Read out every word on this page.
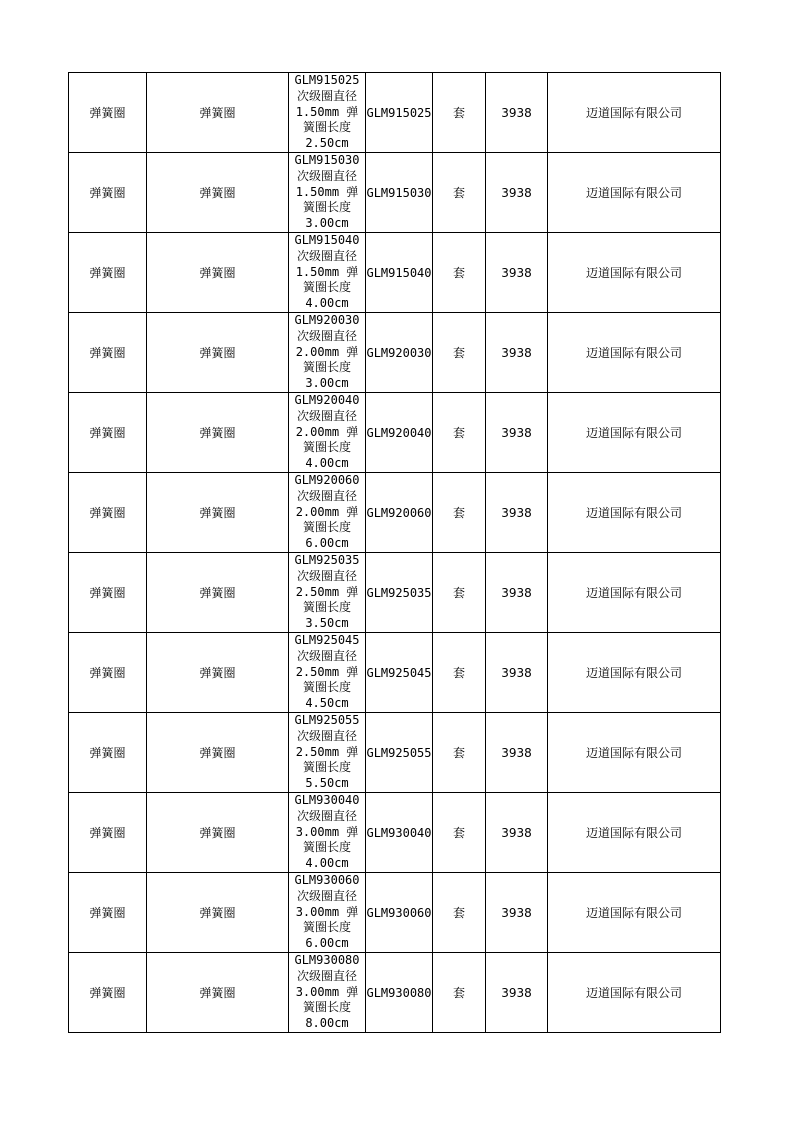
弹簧圈	弹簧圈	GLM915025
次级圈直径
1.50mm 弹
簧圈长度
2.50cm	GLM915025	套	3938	迈道国际有限公司
弹簧圈	弹簧圈	GLM915030
次级圈直径
1.50mm 弹
簧圈长度
3.00cm	GLM915030	套	3938	迈道国际有限公司
弹簧圈	弹簧圈	GLM915040
次级圈直径
1.50mm 弹
簧圈长度
4.00cm	GLM915040	套	3938	迈道国际有限公司
弹簧圈	弹簧圈	GLM920030
次级圈直径
2.00mm 弹
簧圈长度
3.00cm	GLM920030	套	3938	迈道国际有限公司
弹簧圈	弹簧圈	GLM920040
次级圈直径
2.00mm 弹
簧圈长度
4.00cm	GLM920040	套	3938	迈道国际有限公司
弹簧圈	弹簧圈	GLM920060
次级圈直径
2.00mm 弹
簧圈长度
6.00cm	GLM920060	套	3938	迈道国际有限公司
弹簧圈	弹簧圈	GLM925035
次级圈直径
2.50mm 弹
簧圈长度
3.50cm	GLM925035	套	3938	迈道国际有限公司
弹簧圈	弹簧圈	GLM925045
次级圈直径
2.50mm 弹
簧圈长度
4.50cm	GLM925045	套	3938	迈道国际有限公司
弹簧圈	弹簧圈	GLM925055
次级圈直径
2.50mm 弹
簧圈长度
5.50cm	GLM925055	套	3938	迈道国际有限公司
弹簧圈	弹簧圈	GLM930040
次级圈直径
3.00mm 弹
簧圈长度
4.00cm	GLM930040	套	3938	迈道国际有限公司
弹簧圈	弹簧圈	GLM930060
次级圈直径
3.00mm 弹
簧圈长度
6.00cm	GLM930060	套	3938	迈道国际有限公司
弹簧圈	弹簧圈	GLM930080
次级圈直径
3.00mm 弹
簧圈长度
8.00cm	GLM930080	套	3938	迈道国际有限公司
